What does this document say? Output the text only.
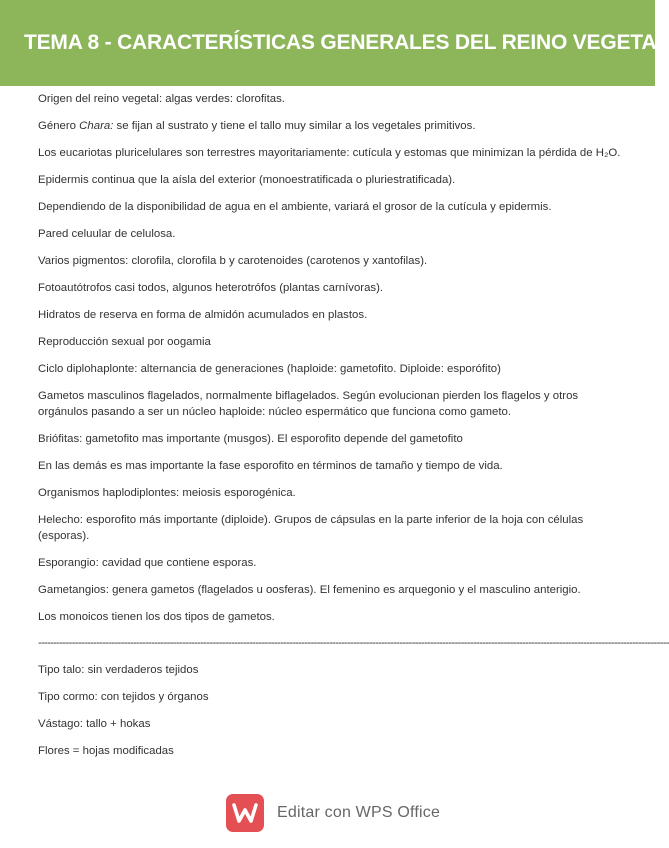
TEMA 8 - CARACTERÍSTICAS GENERALES DEL REINO VEGETAL

Origen del reino vegetal: algas verdes: clorofitas.

Género Chara: se fijan al sustrato y tiene el tallo muy similar a los vegetales primitivos.

Los eucariotas pluricelulares son terrestres mayoritariamente: cutícula y estomas que minimizan la pérdida de H₂O.

Epidermis continua que la aísla del exterior (monoestratificada o pluriestratificada).

Dependiendo de la disponibilidad de agua en el ambiente, variará el grosor de la cutícula y epidermis.

Pared celuular de celulosa.

Varios pigmentos: clorofila, clorofila b y carotenoides (carotenos y xantofilas).

Fotoautótrofos casi todos, algunos heterotrófos (plantas carnívoras).

Hidratos de reserva en forma de almidón acumulados en plastos.

Reproducción sexual por oogamia

Ciclo diplohaplonte: alternancia de generaciones (haploide: gametofito. Diploide: esporófito)

Gametos masculinos flagelados, normalmente biflagelados. Según evolucionan pierden los flagelos y otros orgánulos pasando a ser un núcleo haploide: núcleo espermático que funciona como gameto.

Briófitas: gametofito mas importante (musgos). El esporofito depende del gametofito

En las demás es mas importante la fase esporofito en términos de tamaño y tiempo de vida.

Organismos haplodiplontes: meiosis esporogénica.

Helecho: esporofito más importante (diploide). Grupos de cápsulas en la parte inferior de la hoja con células (esporas).

Esporangio: cavidad que contiene esporas.

Gametangios: genera gametos (flagelados u oosferas). El femenino es arquegonio y el masculino anterigio.

Los monoicos tienen los dos tipos de gametos.

--------------------------------------------------------------------------------------------------------------------------------------------------------------------------------------------------------------

Tipo talo: sin verdaderos tejidos

Tipo cormo: con tejidos y órganos

Vástago: tallo + hokas

Flores = hojas modificadas

Editar con WPS Office
